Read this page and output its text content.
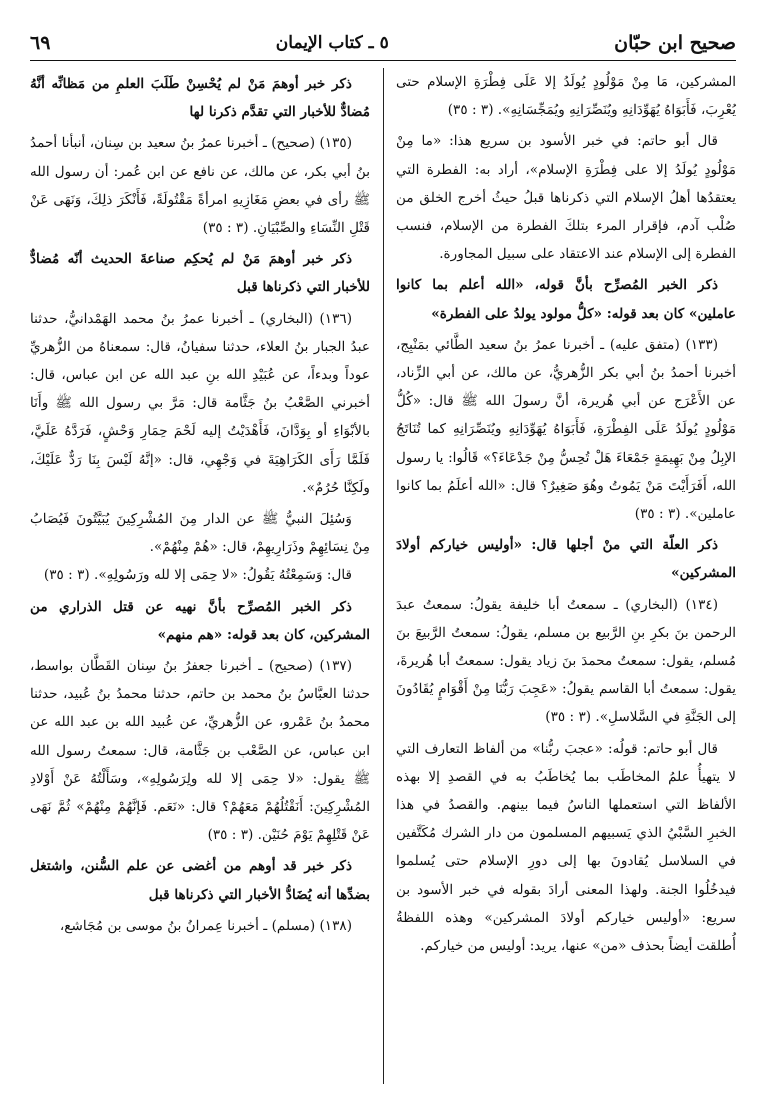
صحيح ابن حبّان
٥ ـ كتاب الإيمان
٦٩

المشركين، مَا مِنْ مَوْلُودٍ يُولَدُ إلا عَلَى فِطْرَةِ الإسلام حتى يُعْرِبَ، فَأَبَوَاهُ يُهَوِّدَانِهِ ويُنَصِّرَانِهِ ويُمَجِّسَانِهِ». (٣ : ٣٥)

قال أبو حاتم: في خبر الأسود بن سريع هذا: «ما مِنْ مَوْلُودٍ يُولَدُ إلا على فِطْرَةِ الإسلام»، أراد به: الفطرة التي يعتقدُها أهلُ الإسلام التي ذكرناها قبلُ حيثُ أخرج الخلق من صُلْب آدم، فإقرار المرء بتلكَ الفطرة من الإسلام، فنسب الفطرة إلى الإسلام عند الاعتقاد على سبيل المجاورة.

ذكر الخبر المُصرِّح بأنَّ قوله، «الله أعلم بما كانوا عاملين» كان بعد قوله: «كلُّ مولود يولدُ على الفطرة»

(١٣٣) (متفق عليه) ـ أخبرنا عمرُ بنُ سعيد الطَّائي بمَنْبِج، أخبرنا أحمدُ بنُ أبي بكر الزُّهريُّ، عن مالك، عن أبي الزِّناد، عن الأَعْرَج عن أبي هُريرة، أنَّ رسولَ الله ﷺ قال: «كُلُّ مَوْلُودٍ يُولَدُ عَلَى الفِطْرَةِ، فَأَبَوَاهُ يُهَوِّدَانِهِ ويُنَصِّرَانِهِ كما تُنَاتَجُ الإبِلُ مِنْ بَهِيمَةٍ جَمْعَاءَ هَلْ تُحِسُّ مِنْ جَدْعَاءَ؟» قَالُوا: يا رسول الله، أَفَرَأَيْتَ مَنْ يَمُوتُ وهُوَ صَغِيرٌ؟ قال: «الله أعلَمُ بما كانوا عاملين». (٣ : ٣٥)

ذكر العلّة التي منْ أجلها قال: «أوليس خياركم أولادَ المشركين»

(١٣٤) (البخاري) ـ سمعتُ أبا خليفة يقولُ: سمعتُ عبدَ الرحمن بنَ بكرِ بنِ الرَّبيع بن مسلم، يقولُ: سمعتُ الرَّبيعَ بنَ مُسلم، يقول: سمعتُ محمدَ بنَ زياد يقول: سمعتُ أبا هُريرةَ، يقول: سمعتُ أبا القاسم يقولُ: «عَجِبَ رَبُّنَا مِنْ أَقْوَامٍ يُقَادُونَ إلى الجَنَّةِ في السَّلاسلِ». (٣ : ٣٥)

قال أبو حاتم: قولُه: «عجبَ ربُّنا» من ألفاظ التعارف التي لا يتهيأُ علمُ المخاطَب بما يُخاطَبُ به في القصدِ إلا بهذه الألفاظ التي استعملها الناسُ فيما بينهم. والقصدُ في هذا الخبرِ السَّبْيُ الذي يَسبيهم المسلمون من دار الشرك مُكَتَّفين في السلاسل يُقادونَ بها إلى دورِ الإسلام حتى يُسلموا فيدخُلُوا الجنة. ولهذا المعنى أرادَ بقوله في خبر الأسود بن سريع: «أوليس خياركم أولادَ المشركين» وهذه اللفظةُ أُطلقت أيضاً بحذف «من» عنها، يريد: أوليس من خياركم.

ذكر خبر أوهمَ مَنْ لم يُحْسِنْ طَلَبَ العلمِ من مَظانِّه أنَّهُ مُضادٌّ للأخبار التي تقدَّم ذكرنا لها

(١٣٥) (صحيح) ـ أخبرنا عمرُ بنُ سعيد بن سِنان، أنبأنا أحمدُ بنُ أبي بكر، عن مالك، عن نافع عن ابن عُمر: أن رسول الله ﷺ رأى في بعضِ مَغَازِيهِ امرأةً مَقْتُولَةً، فَأَنْكَرَ ذلِكَ، وَنَهَى عَنْ قَتْلِ النِّسَاءِ والصِّبْيَانِ. (٣ : ٣٥)

ذكر خبر أوهمَ مَنْ لم يُحكِم صناعةَ الحديث أنّه مُضادٌّ للأخبار التي ذكرناها قبل

(١٣٦) (البخاري) ـ أخبرنا عمرُ بنُ محمد الهَمْدانيُّ، حدثنا عبدُ الجبار بنُ العلاء، حدثنا سفيانُ، قال: سمعناهُ من الزُّهريِّ عوداً وبدءاً، عن عُبَيْدِ الله بنِ عبد الله عن ابن عباس، قال: أخبرني الصَّعْبُ بنُ جَثَّامة قال: مَرَّ بي رسول الله ﷺ وأَنَا بالأبْوَاءِ أو بِوَدَّانَ، فَأَهْدَيْتُ إليه لَحْمَ حِمَارِ وَحْشٍ، فَرَدَّهُ عَلَيَّ، فَلَمَّا رَأَى الكَرَاهِيَةَ في وَجْهِي، قال: «إنَّهُ لَيْسَ بِنَا رَدٌّ عَلَيْكَ، ولَكِنَّا حُرُمٌ».

وَسُئِلَ النبيُّ ﷺ عن الدار مِنَ المُشْرِكِينَ يُبَيَّتُونَ فَيُصَابُ مِنْ نِسَائِهِمْ وذَرَارِيهِمْ، قال: «هُمْ مِنْهُمْ».

قال: وَسَمِعْتُهُ يَقُولُ: «لا حِمَى إلا لله ورَسُولِهِ». (٣ : ٣٥)

ذكر الخبر المُصرِّح بأنَّ نهيه عن قتل الذراري من المشركين، كان بعد قوله: «هم منهم»

(١٣٧) (صحيح) ـ أخبرنا جعفرُ بنُ سِنان القَطَّان بواسط، حدثنا العبَّاسُ بنُ محمد بن حاتم، حدثنا محمدُ بنُ عُبيد، حدثنا محمدُ بنُ عَمْرو، عن الزُّهريِّ، عن عُبيد الله بن عبد الله عن ابن عباس، عن الصَّعْب بن جَثَّامة، قال: سمعتُ رسول الله ﷺ يقول: «لا حِمَى إلا لله ولِرَسُولِهِ»، وسَأَلْتُهُ عَنْ أَوْلادِ المُشْرِكِينَ: أَنَقْتُلُهُمْ مَعَهُمْ؟ قال: «نَعَم. فَإنَّهُمْ مِنْهُمْ» ثُمَّ نَهَى عَنْ قَتْلِهِمْ يَوْمَ حُنَيْن. (٣ : ٣٥)

ذكر خبر قد أوهم من أغضى عن علم السُّنن، واشتغل بضدِّها أنه يُضَادُّ الأخبار التي ذكرناها قبل

(١٣٨) (مسلم) ـ أخبرنا عِمرانُ بنُ موسى بن مُجَاشع،
